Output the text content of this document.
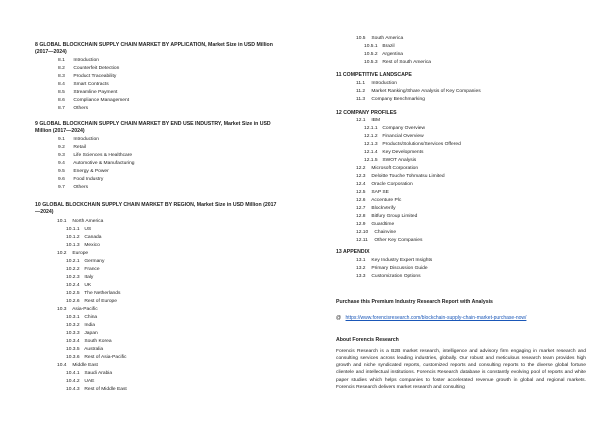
8 GLOBAL BLOCKCHAIN SUPPLY CHAIN MARKET BY APPLICATION, Market Size in USD Million (2017—2024)
8.1 Introduction
8.2 Counterfeit Detection
8.3 Product Traceability
8.4 Smart Contracts
8.5 Streamline Payment
8.6 Compliance Management
8.7 Others
9 GLOBAL BLOCKCHAIN SUPPLY CHAIN MARKET BY END USE INDUSTRY, Market Size in USD Million (2017—2024)
9.1 Introduction
9.2 Retail
9.3 Life Sciences & Healthcare
9.4 Automotive & Manufacturing
9.5 Energy & Power
9.6 Food Industry
9.7 Others
10 GLOBAL BLOCKCHAIN SUPPLY CHAIN MARKET BY REGION, Market Size in USD Million (2017—2024)
10.1 North America
10.1.1 US
10.1.2 Canada
10.1.3 Mexico
10.2 Europe
10.2.1 Germany
10.2.2 France
10.2.3 Italy
10.2.4 UK
10.2.5 The Netherlands
10.2.6 Rest of Europe
10.3 Asia-Pacific
10.3.1 China
10.3.2 India
10.3.3 Japan
10.3.4 South Korea
10.3.5 Australia
10.3.6 Rest of Asia-Pacific
10.4 Middle East
10.4.1 Saudi Arabia
10.4.2 UAE
10.4.3 Rest of Middle East
10.5 South America
10.5.1 Brazil
10.5.2 Argentina
10.5.3 Rest of South America
11 COMPETITIVE LANDSCAPE
11.1 Introduction
11.2 Market Ranking/Share Analysis of Key Companies
11.3 Company Benchmarking
12 COMPANY PROFILES
12.1 IBM
12.1.1 Company Overview
12.1.2 Financial Overview
12.1.3 Products/Solutions/Services Offered
12.1.4 Key Developments
12.1.5 SWOT Analysis
12.2 Microsoft Corporation
12.3 Deloitte Touche Tohmatsu Limited
12.4 Oracle Corporation
12.5 SAP SE
12.6 Accenture Plc
12.7 BlockVerify
12.8 Bitfury Group Limited
12.9 Guardtime
12.10 Chainvine
12.11 Other Key Companies
13 APPENDIX
13.1 Key Industry Expert Insights
13.2 Primary Discussion Guide
13.3 Customization Options
Purchase this Premium Industry Research Report with Analysis
@ https://www.forencisresearch.com/blockchain-supply-chain-market-purchase-now/
About Forencis Research
Forencis Research is a B2B market research, intelligence and advisory firm engaging in market research and consulting services across leading industries, globally. Our robust and meticulous research team provides high growth and niche syndicated reports, customized reports and consulting reports to the diverse global fortune clientele and intellectual institutions. Forencis Research database is constantly evolving pool of reports and white paper studies which helps companies to foster accelerated revenue growth in global and regional markets. Forencis Research delivers market research and consulting
